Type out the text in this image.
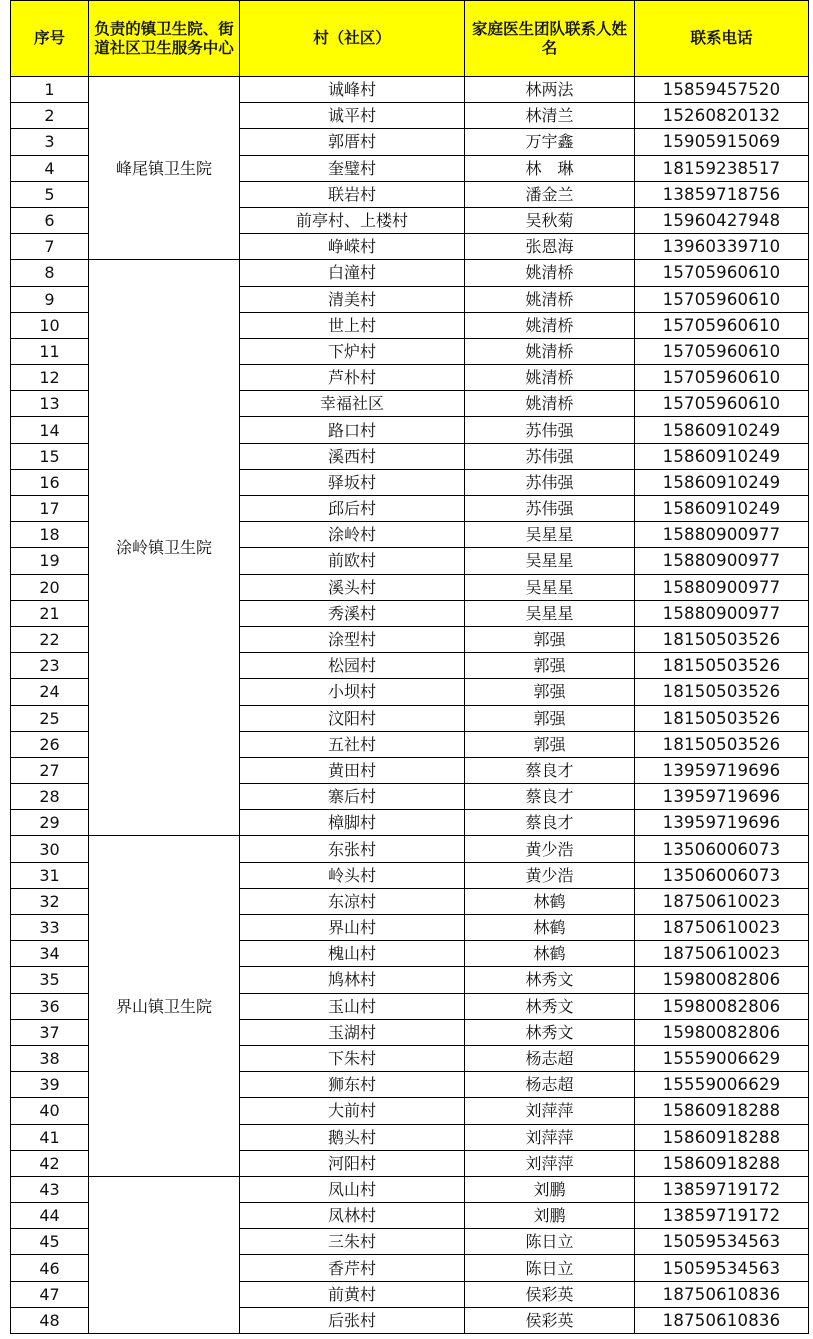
序号	负责的镇卫生院、街道社区卫生服务中心	村（社区）	家庭医生团队联系人姓名	联系电话
1	峰尾镇卫生院	诚峰村	林两法	15859457520
2		诚平村	林清兰	15260820132
3		郭厝村	万宇鑫	15905915069
4		奎璧村	林　琳	18159238517
5		联岩村	潘金兰	13859718756
6		前亭村、上楼村	吴秋菊	15960427948
7		峥嵘村	张恩海	13960339710
8	涂岭镇卫生院	白潼村	姚清桥	15705960610
9		清美村	姚清桥	15705960610
10		世上村	姚清桥	15705960610
11		下炉村	姚清桥	15705960610
12		芦朴村	姚清桥	15705960610
13		幸福社区	姚清桥	15705960610
14		路口村	苏伟强	15860910249
15		溪西村	苏伟强	15860910249
16		驿坂村	苏伟强	15860910249
17		邱后村	苏伟强	15860910249
18		涂岭村	吴星星	15880900977
19		前欧村	吴星星	15880900977
20		溪头村	吴星星	15880900977
21		秀溪村	吴星星	15880900977
22		涂型村	郭强	18150503526
23		松园村	郭强	18150503526
24		小坝村	郭强	18150503526
25		汶阳村	郭强	18150503526
26		五社村	郭强	18150503526
27		黄田村	蔡良才	13959719696
28		寨后村	蔡良才	13959719696
29		樟脚村	蔡良才	13959719696
30	界山镇卫生院	东张村	黄少浩	13506006073
31		岭头村	黄少浩	13506006073
32		东凉村	林鹤	18750610023
33		界山村	林鹤	18750610023
34		槐山村	林鹤	18750610023
35		鸠林村	林秀文	15980082806
36		玉山村	林秀文	15980082806
37		玉湖村	林秀文	15980082806
38		下朱村	杨志超	15559006629
39		狮东村	杨志超	15559006629
40		大前村	刘萍萍	15860918288
41		鹅头村	刘萍萍	15860918288
42		河阳村	刘萍萍	15860918288
43		凤山村	刘鹏	13859719172
44		凤林村	刘鹏	13859719172
45		三朱村	陈日立	15059534563
46		香芹村	陈日立	15059534563
47		前黄村	侯彩英	18750610836
48		后张村	侯彩英	18750610836
